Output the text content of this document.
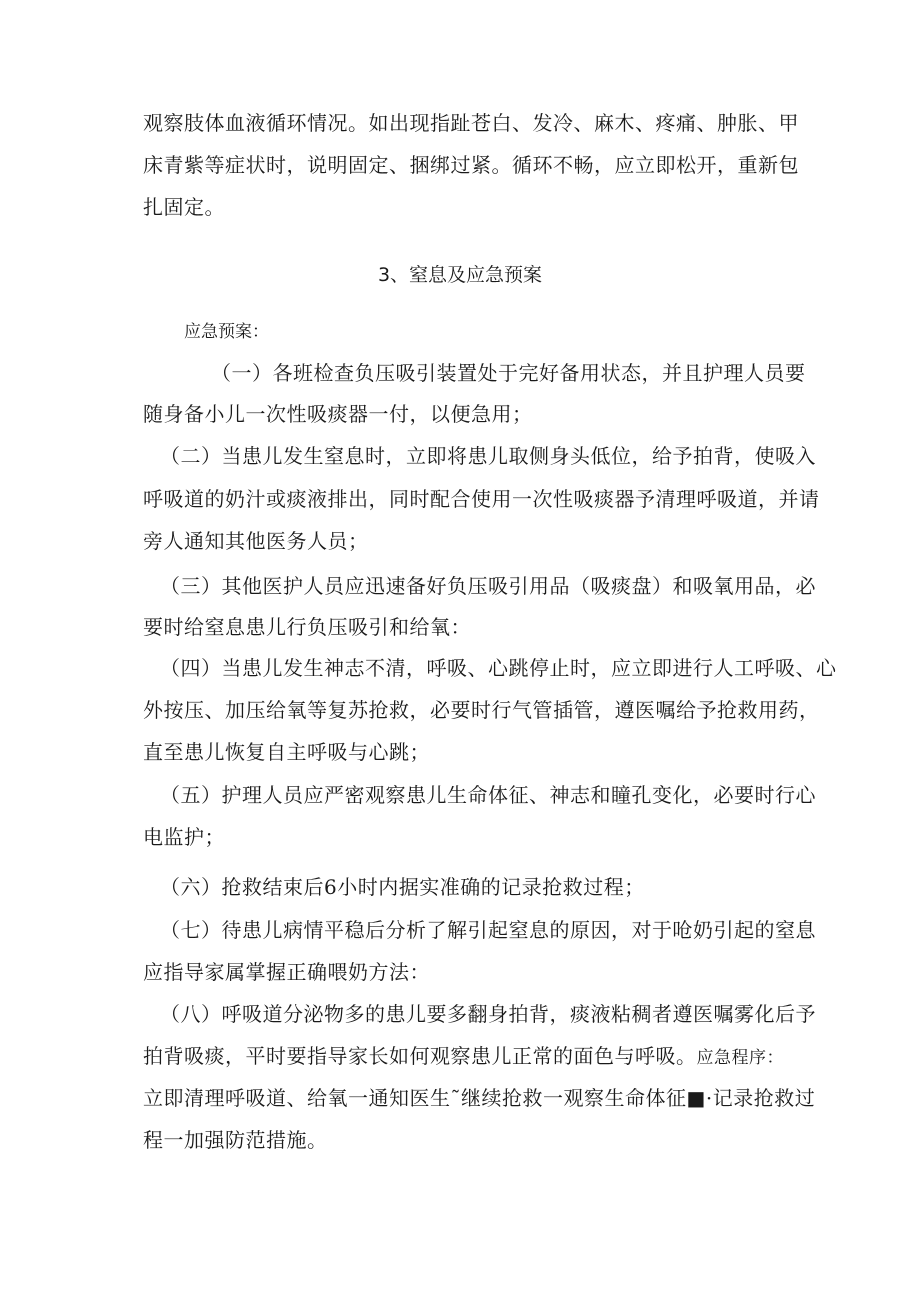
观察肢体血液循环情况。如出现指趾苍白、发冷、麻木、疼痛、肿胀、甲
床青紫等症状时，说明固定、捆绑过紧。循环不畅，应立即松开，重新包
扎固定。
3、窒息及应急预案
应急预案：
（一）各班检查负压吸引装置处于完好备用状态，并且护理人员要
随身备小儿一次性吸痰器一付，以便急用；
（二）当患儿发生窒息时，立即将患儿取侧身头低位，给予拍背，使吸入
呼吸道的奶汁或痰液排出，同时配合使用一次性吸痰器予清理呼吸道，并请
旁人通知其他医务人员；
（三）其他医护人员应迅速备好负压吸引用品（吸痰盘）和吸氧用品，必
要时给窒息患儿行负压吸引和给氧：
（四）当患儿发生神志不清，呼吸、心跳停止时，应立即进行人工呼吸、心
外按压、加压给氧等复苏抢救，必要时行气管插管，遵医嘱给予抢救用药，
直至患儿恢复自主呼吸与心跳；
（五）护理人员应严密观察患儿生命体征、神志和瞳孔变化，必要时行心
电监护；
（六）抢救结束后6小时内据实准确的记录抢救过程；
（七）待患儿病情平稳后分析了解引起窒息的原因，对于呛奶引起的窒息
应指导家属掌握正确喂奶方法：
（八）呼吸道分泌物多的患儿要多翻身拍背，痰液粘稠者遵医嘱雾化后予
拍背吸痰，平时要指导家长如何观察患儿正常的面色与呼吸。应急程序：
立即清理呼吸道、给氧一通知医生˜继续抢救一观察生命体征■·记录抢救过
程一加强防范措施。
